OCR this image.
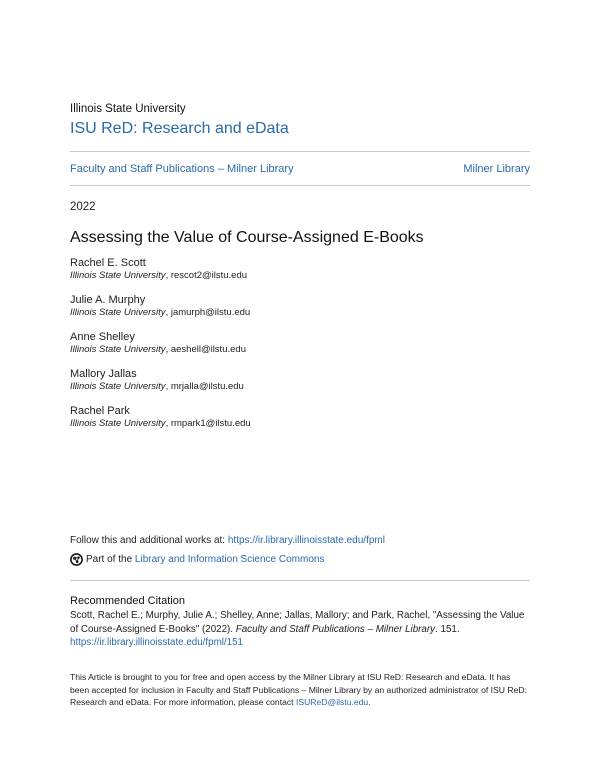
Illinois State University
ISU ReD: Research and eData
Faculty and Staff Publications – Milner Library	Milner Library
2022
Assessing the Value of Course-Assigned E-Books
Rachel E. Scott
Illinois State University, rescot2@ilstu.edu
Julie A. Murphy
Illinois State University, jamurph@ilstu.edu
Anne Shelley
Illinois State University, aeshell@ilstu.edu
Mallory Jallas
Illinois State University, mrjalla@ilstu.edu
Rachel Park
Illinois State University, rmpark1@ilstu.edu
Follow this and additional works at: https://ir.library.illinoisstate.edu/fpml
Part of the
Library and Information Science Commons
Recommended Citation
Scott, Rachel E.; Murphy, Julie A.; Shelley, Anne; Jallas, Mallory; and Park, Rachel, "Assessing the Value of Course-Assigned E-Books" (2022). Faculty and Staff Publications – Milner Library. 151.
https://ir.library.illinoisstate.edu/fpml/151
This Article is brought to you for free and open access by the Milner Library at ISU ReD: Research and eData. It has been accepted for inclusion in Faculty and Staff Publications – Milner Library by an authorized administrator of ISU ReD: Research and eData. For more information, please contact ISUReD@ilstu.edu.
